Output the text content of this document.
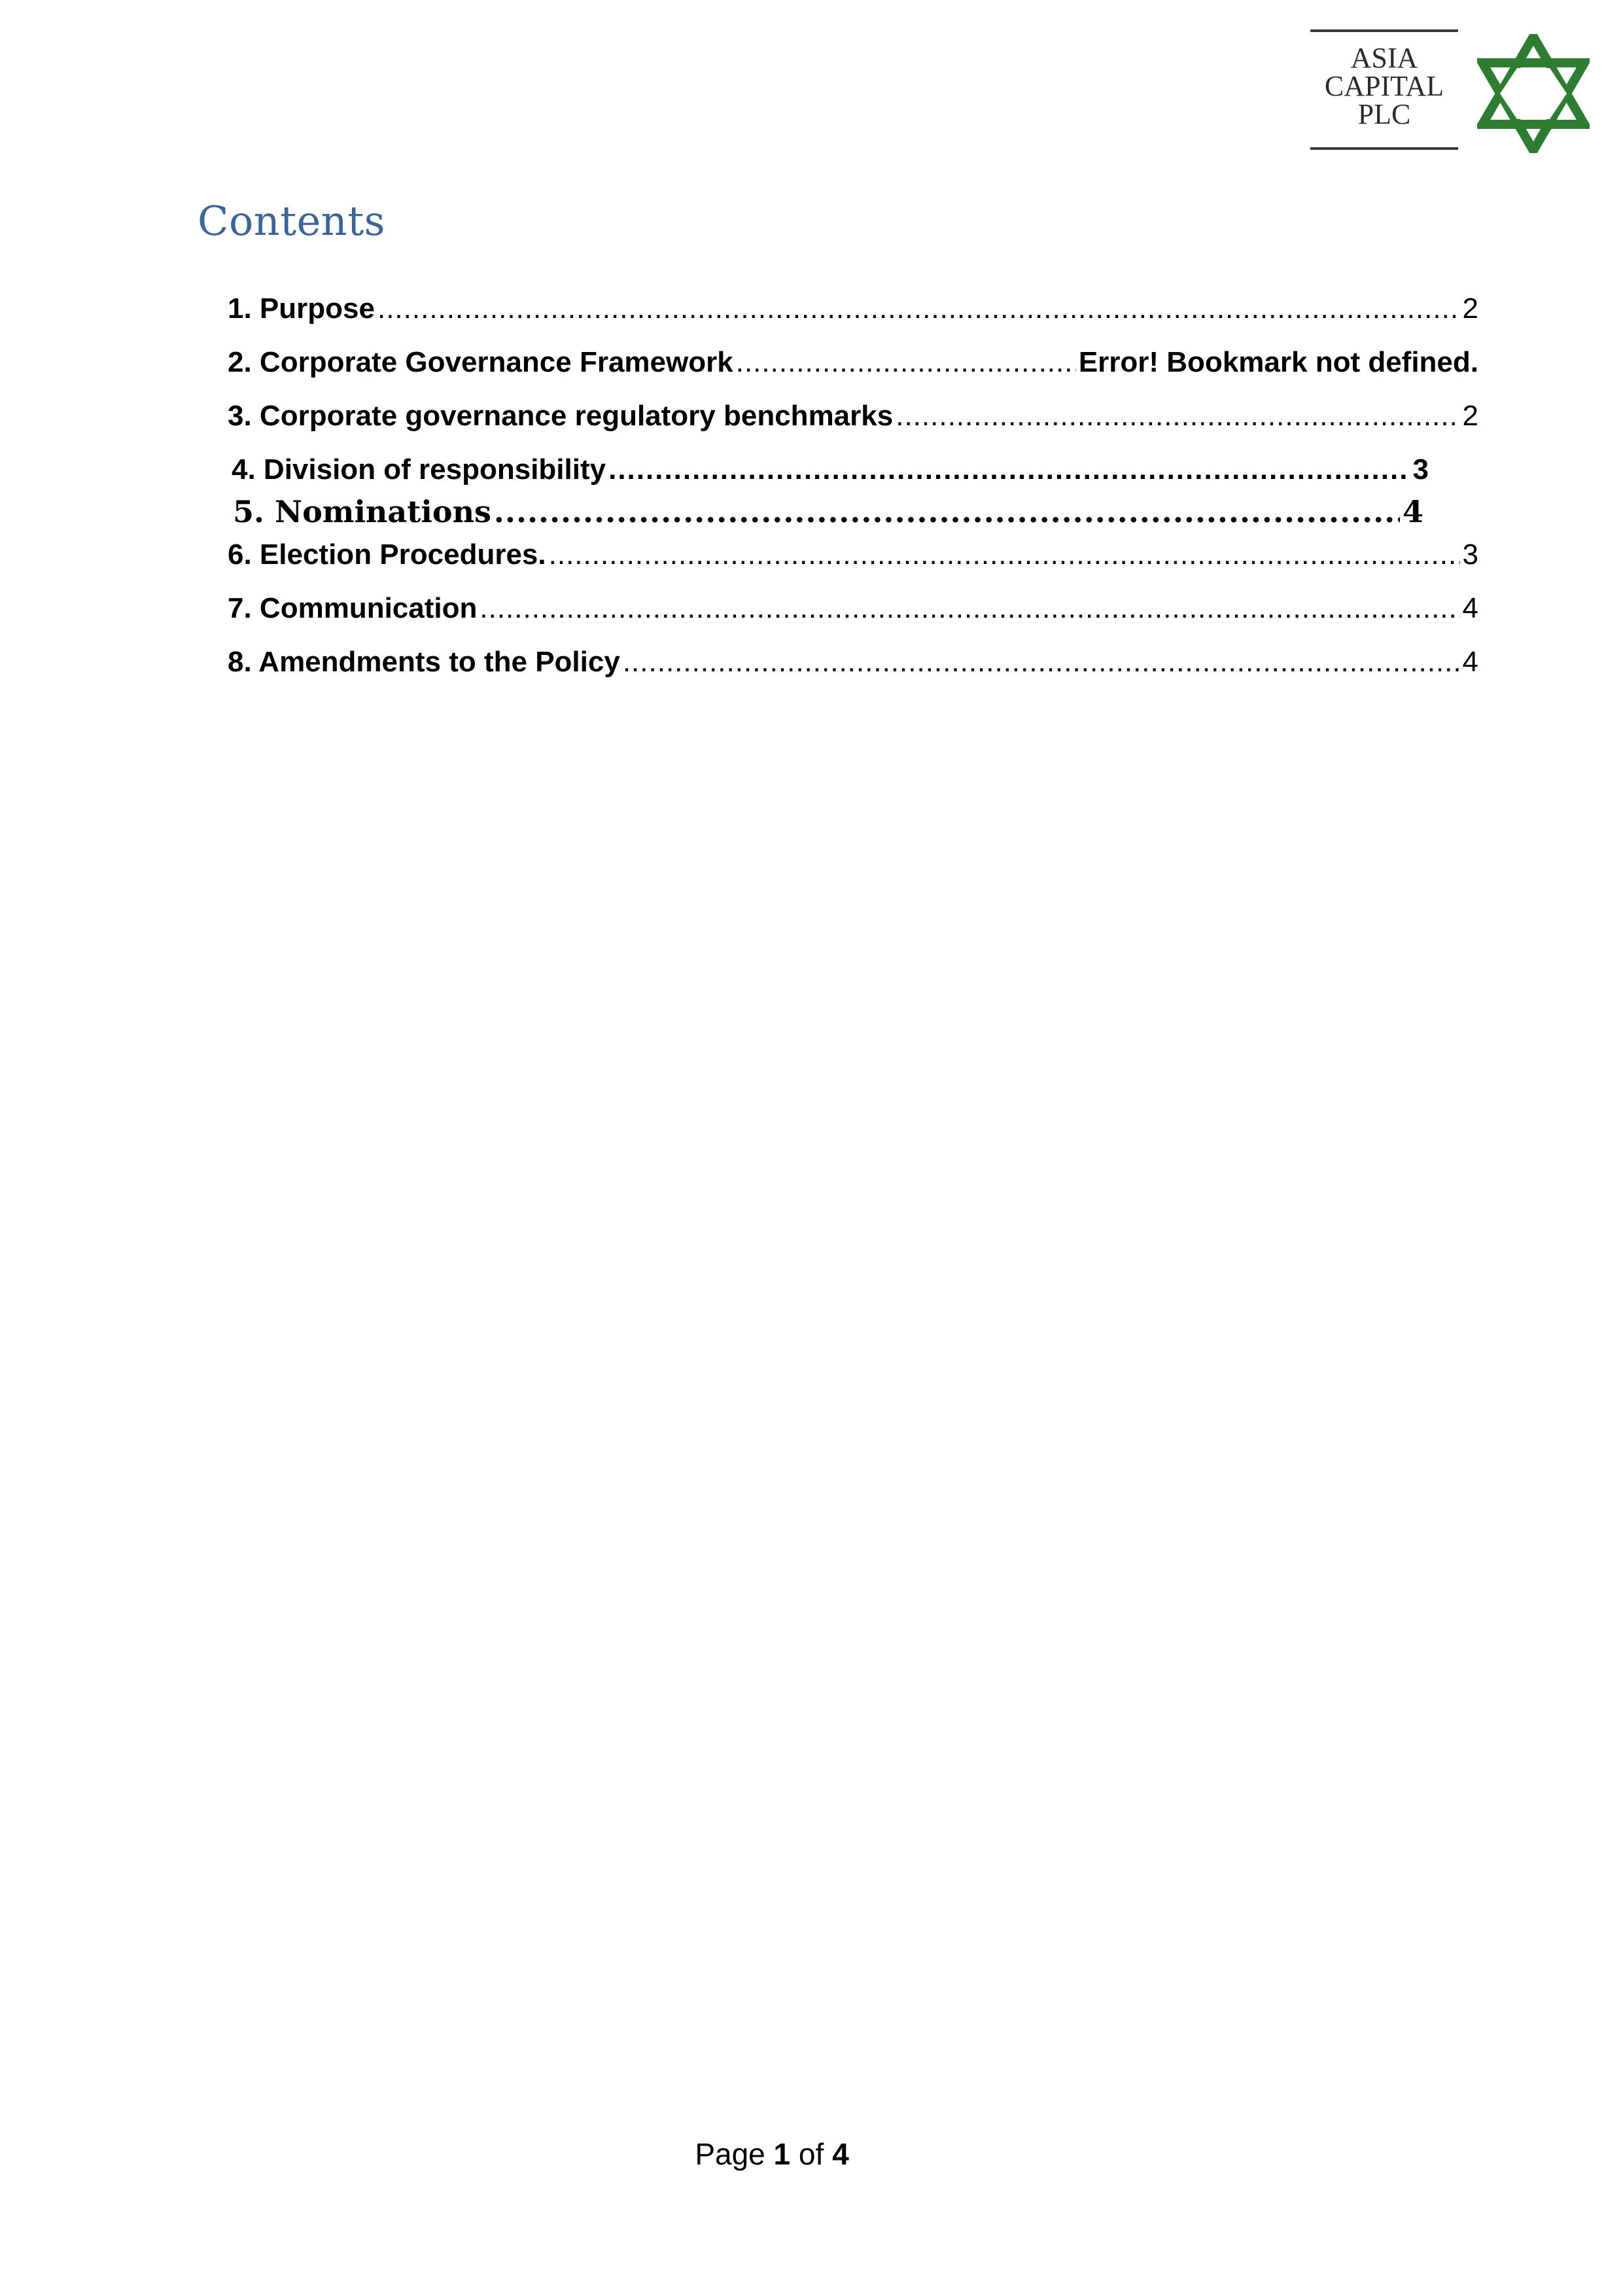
ASIA
CAPITAL
PLC
Contents
1. Purpose .....	2
2. Corporate Governance Framework .....	Error! Bookmark not defined.
3. Corporate governance regulatory benchmarks .....	2
4. Division of responsibility .....	3
5. Nominations .....	4
6. Election Procedures. .....	3
7. Communication .....	4
8. Amendments to the Policy .....	4
Page 1 of 4
